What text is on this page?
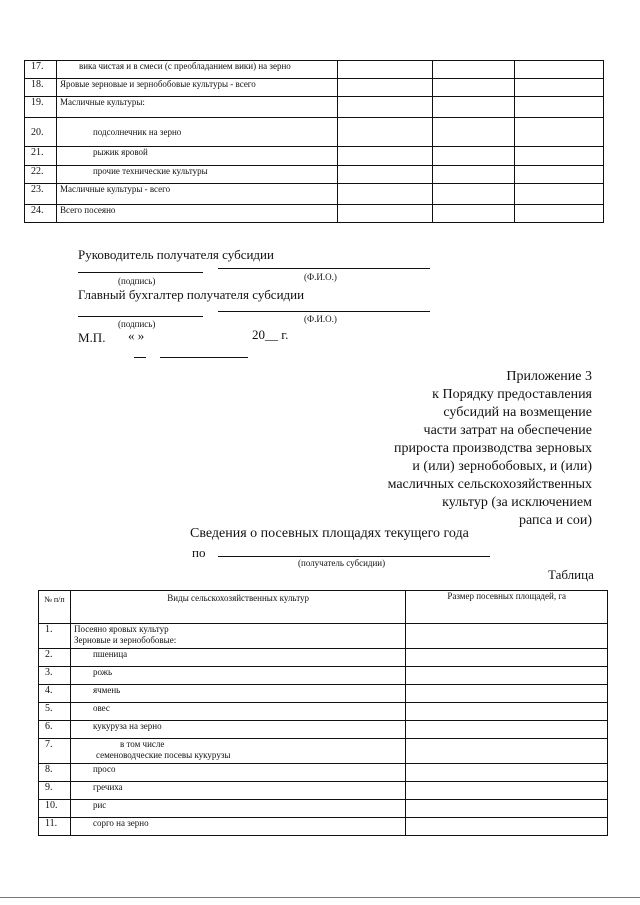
17.	вика чистая и в смеси (с преобладанием вики) на зерно			
18.	Яровые зерновые и зернобобовые культуры - всего			
19.	Масличные культуры:			
20.	подсолнечник на зерно			
21.	рыжик яровой			
22.	прочие технические культуры			
23.	Масличные культуры - всего			
24.	Всего посеяно			
Руководитель получателя субсидии
(подпись)	(Ф.И.О.)
Главный бухгалтер получателя субсидии
(подпись)	(Ф.И.О.)
М.П. « »	20__ г.
Приложение 3
к Порядку предоставления
субсидий на возмещение
части затрат на обеспечение
прироста производства зерновых
и (или) зернобобовых, и (или)
масличных сельскохозяйственных
культур (за исключением
рапса и сои)
Сведения о посевных площадях текущего года
по
(получатель субсидии)
Таблица
№ п/п	Виды сельскохозяйственных культур	Размер посевных площадей, га
1.	Посеяно яровых культур
Зерновые и зернобобовые:	

2.	пшеница	
3.	рожь	
4.	ячмень	
5.	овес	
6.	кукуруза на зерно	
7.	в том числе
семеноводческие посевы кукурузы	

8.	просо	
9.	гречиха	
10.	рис	
11.	сорго на зерно	
